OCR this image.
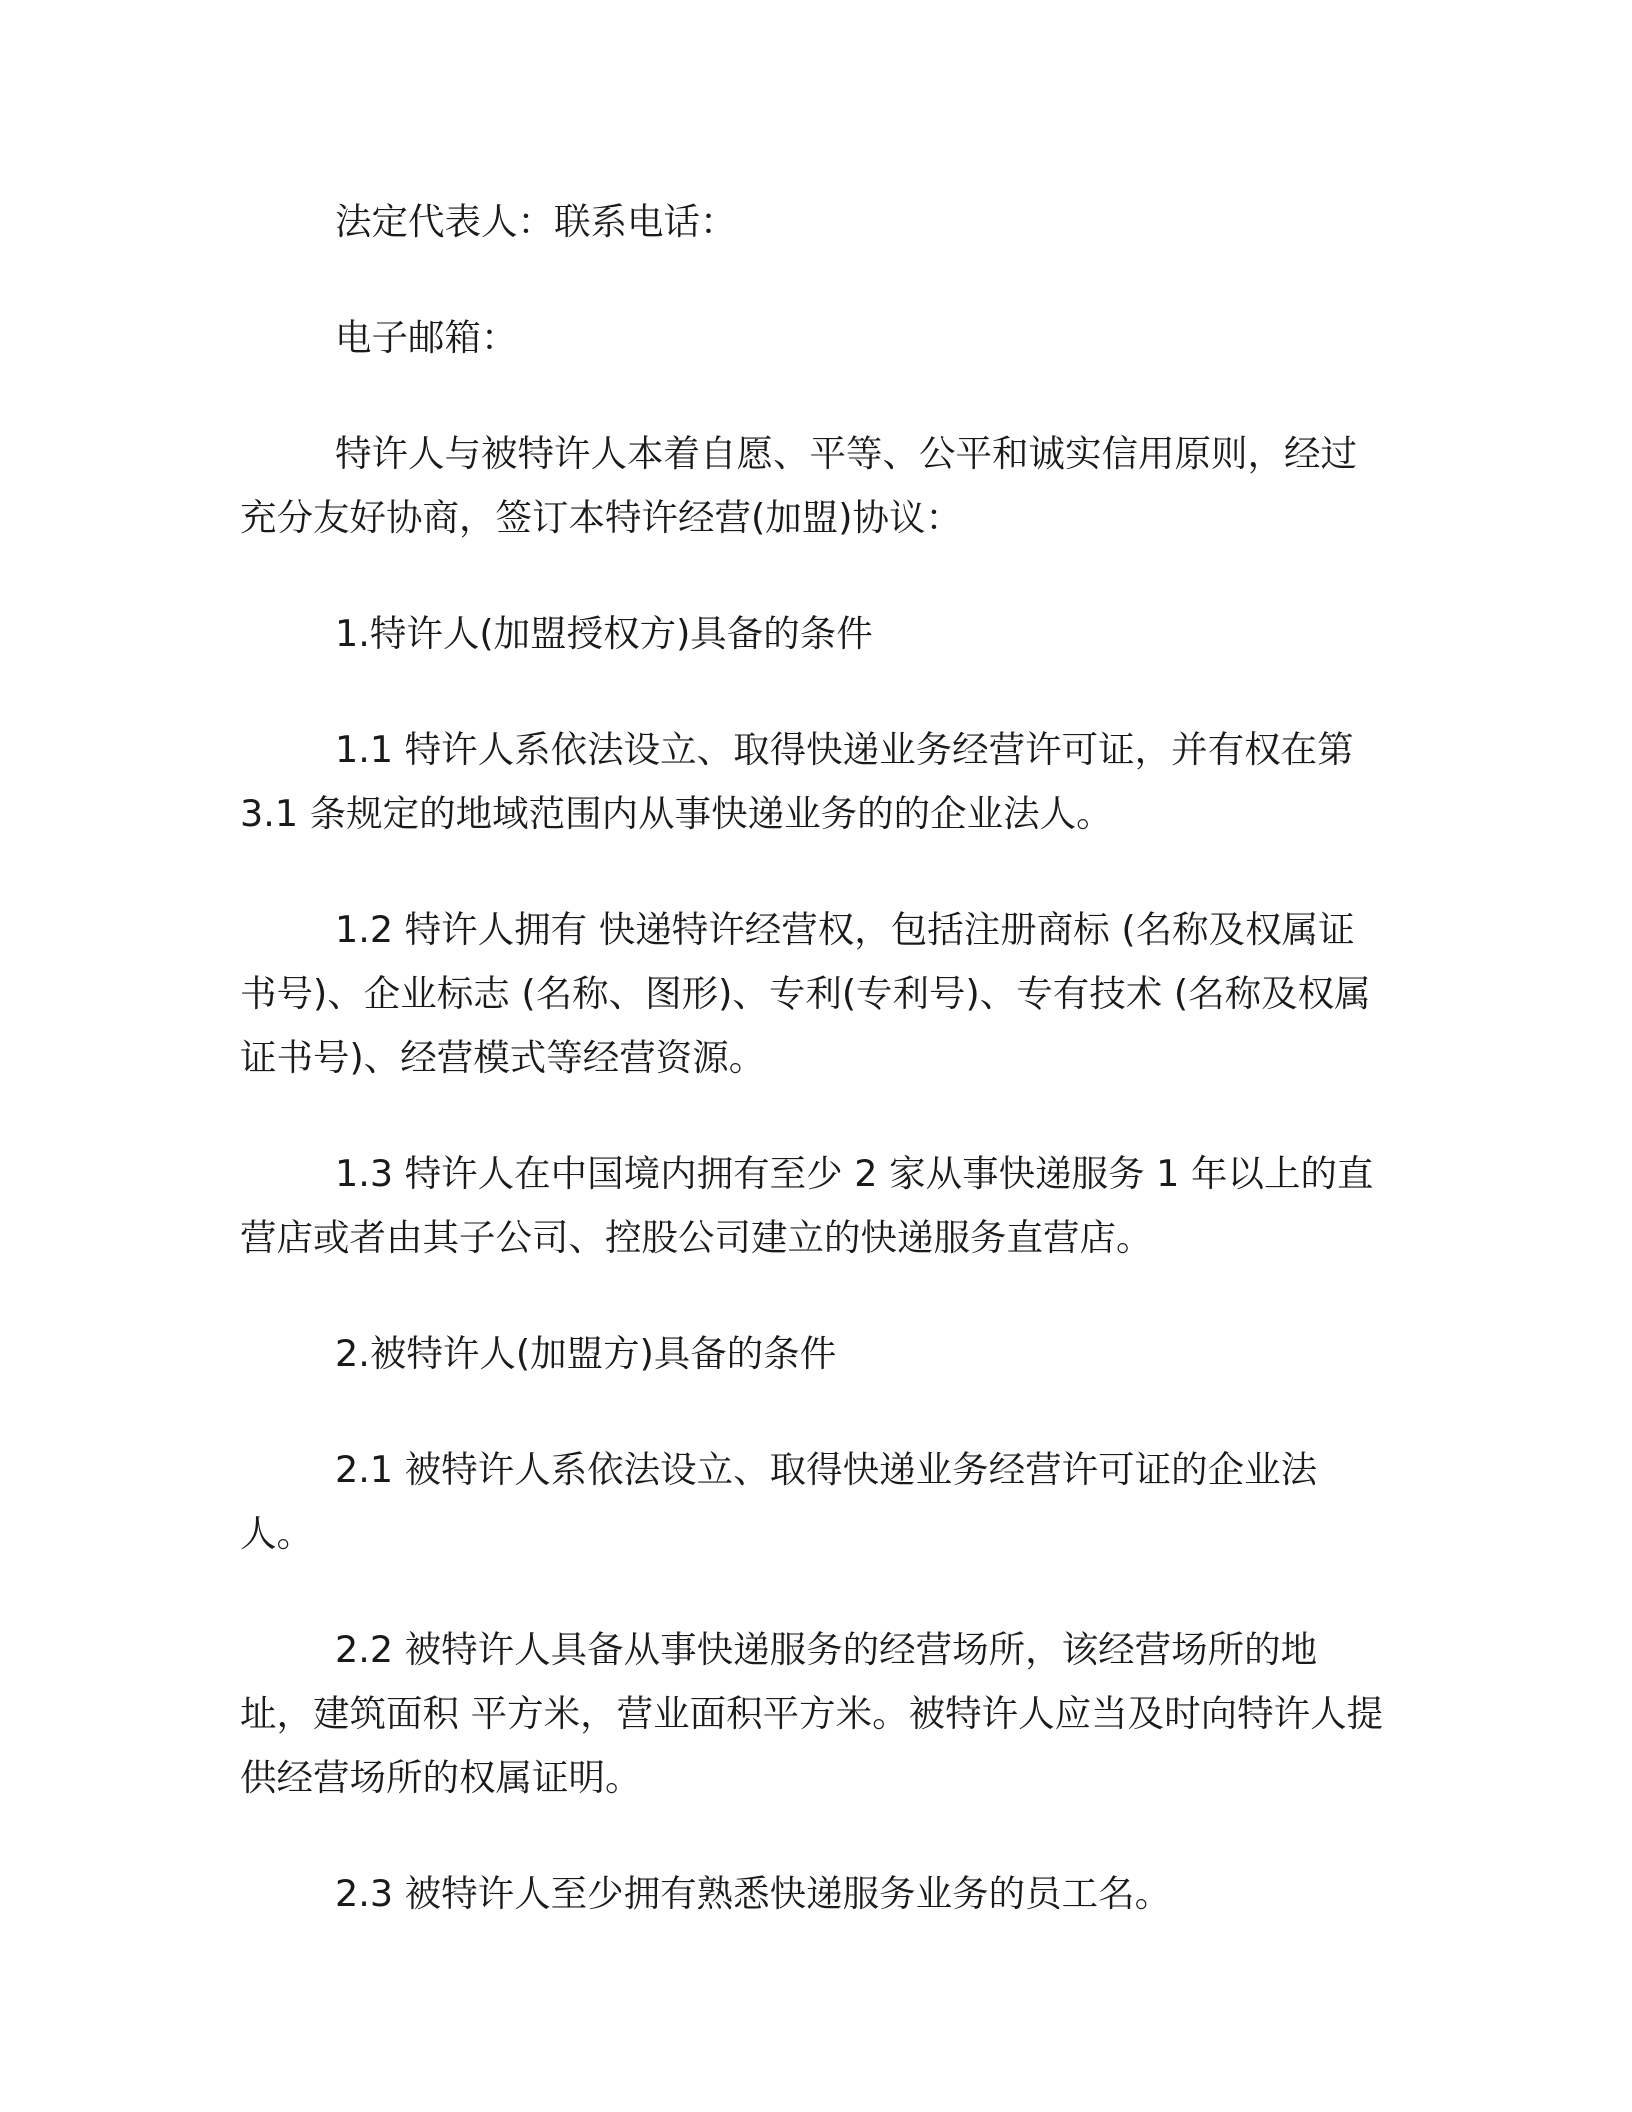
法定代表人：联系电话：

电子邮箱：

特许人与被特许人本着自愿、平等、公平和诚实信用原则，经过充分友好协商，签订本特许经营(加盟)协议：

1.特许人(加盟授权方)具备的条件

1.1 特许人系依法设立、取得快递业务经营许可证，并有权在第 3.1 条规定的地域范围内从事快递业务的的企业法人。

1.2 特许人拥有 快递特许经营权，包括注册商标 (名称及权属证书号)、企业标志 (名称、图形)、专利(专利号)、专有技术 (名称及权属证书号)、经营模式等经营资源。

1.3 特许人在中国境内拥有至少 2 家从事快递服务 1 年以上的直营店或者由其子公司、控股公司建立的快递服务直营店。

2.被特许人(加盟方)具备的条件

2.1 被特许人系依法设立、取得快递业务经营许可证的企业法人。

2.2 被特许人具备从事快递服务的经营场所，该经营场所的地址，建筑面积 平方米，营业面积平方米。被特许人应当及时向特许人提供经营场所的权属证明。

2.3 被特许人至少拥有熟悉快递服务业务的员工名。
